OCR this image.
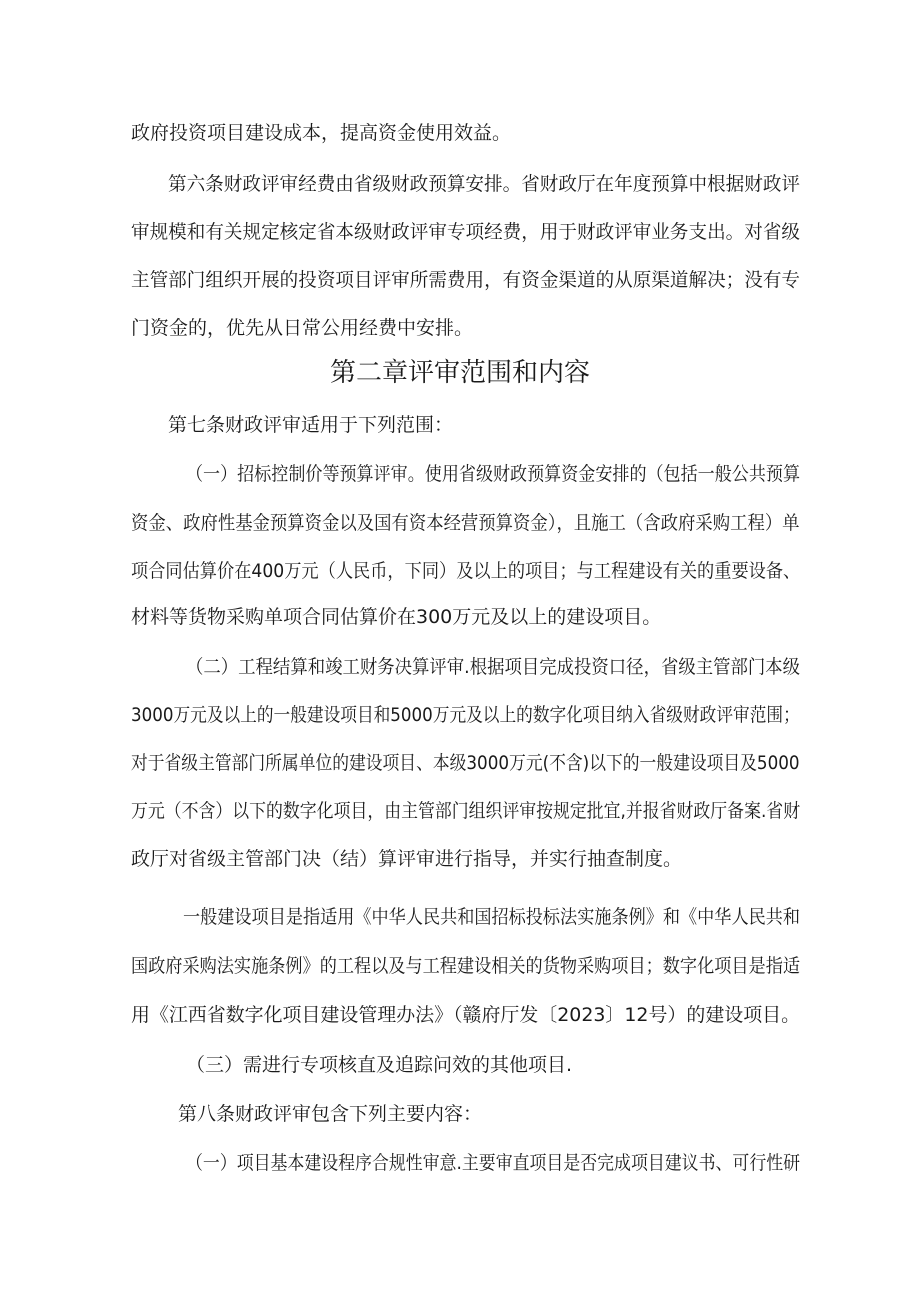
政府投资项目建设成本，提高资金使用效益。
第六条财政评审经费由省级财政预算安排。省财政厅在年度预算中根据财政评
审规模和有关规定核定省本级财政评审专项经费，用于财政评审业务支出。对省级
主管部门组织开展的投资项目评审所需费用，有资金渠道的从原渠道解决；没有专
门资金的，优先从日常公用经费中安排。
第二章评审范围和内容
第七条财政评审适用于下列范围：
（一）招标控制价等预算评审。使用省级财政预算资金安排的（包括一般公共预算
资金、政府性基金预算资金以及国有资本经营预算资金），且施工（含政府采购工程）单
项合同估算价在400万元（人民币，下同）及以上的项目；与工程建设有关的重要设备、
材料等货物采购单项合同估算价在300万元及以上的建设项目。
（二）工程结算和竣工财务决算评审.根据项目完成投资口径，省级主管部门本级
3000万元及以上的一般建设项目和5000万元及以上的数字化项目纳入省级财政评审范围；
对于省级主管部门所属单位的建设项目、本级3000万元(不含)以下的一般建设项目及5000
万元（不含）以下的数字化项目，由主管部门组织评审按规定批宜,并报省财政厅备案.省财
政厅对省级主管部门决（结）算评审进行指导，并实行抽查制度。
一般建设项目是指适用《中华人民共和国招标投标法实施条例》和《中华人民共和
国政府采购法实施条例》的工程以及与工程建设相关的货物采购项目；数字化项目是指适
用《江西省数字化项目建设管理办法》（赣府厅发〔2023〕12号）的建设项目。
（三）需进行专项核直及追踪问效的其他项目.
第八条财政评审包含下列主要内容：
（一）项目基本建设程序合规性审意.主要审直项目是否完成项目建议书、可行性研
